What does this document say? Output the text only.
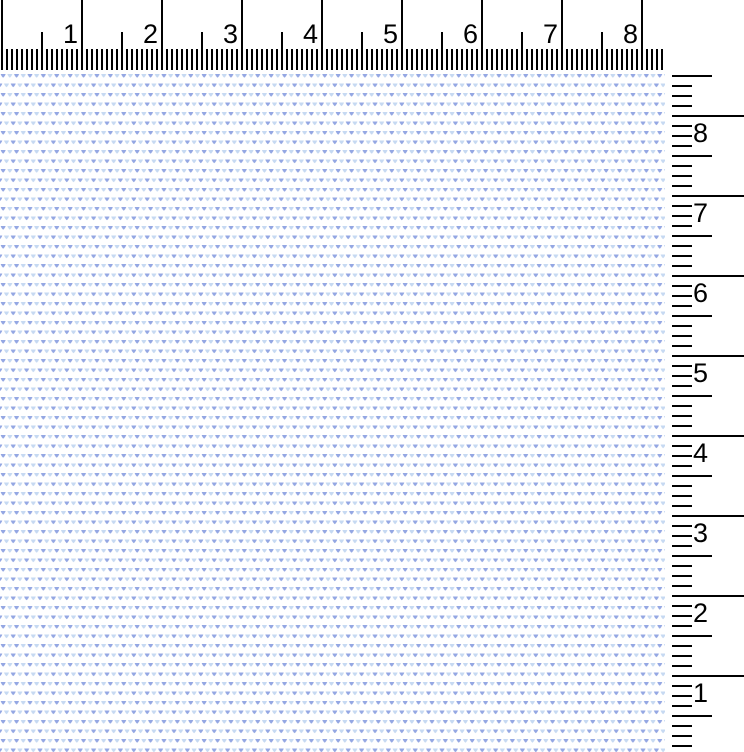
1	2	3	4	5	6	7	8
8
7
6
5
4
3
2
1
